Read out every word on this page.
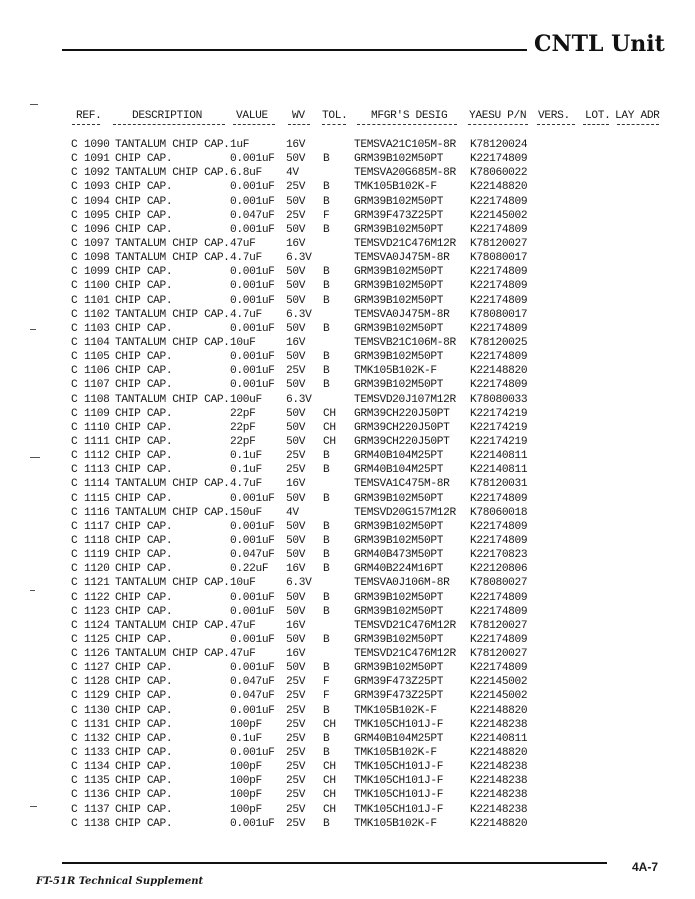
CNTL Unit
REF.	DESCRIPTION	VALUE WV TOL. MFGR'S DESIG YAESU P/N VERS. LOT. LAY ADR
C 1090 TANTALUM CHIP CAP. 1uF	16V	TEMSVA21C105M-8R K78120024
C 1091 CHIP CAP.	0.001uF 50V B GRM39B102M50PT K22174809
C 1092 TANTALUM CHIP CAP. 6.8uF 4V	TEMSVA20G685M-8R K78060022
C 1093 CHIP CAP.	0.001uF 25V B TMK105B102K-F	K22148820
C 1094 CHIP CAP.	0.001uF 50V B GRM39B102M50PT K22174809
C 1095 CHIP CAP.	0.047uF 25V F GRM39F473Z25PT K22145002
C 1096 CHIP CAP.	0.001uF 50V B GRM39B102M50PT K22174809
C 1097 TANTALUM CHIP CAP. 47uF	16V	TEMSVD21C476M12R K78120027
C 1098 TANTALUM CHIP CAP. 4.7uF 6.3V	TEMSVA0J475M-8R K78080017
C 1099 CHIP CAP.	0.001uF 50V B GRM39B102M50PT K22174809
C 1100 CHIP CAP.	0.001uF 50V B GRM39B102M50PT K22174809
C 1101 CHIP CAP.	0.001uF 50V B GRM39B102M50PT K22174809
C 1102 TANTALUM CHIP CAP. 4.7uF 6.3V	TEMSVA0J475M-8R K78080017
C 1103 CHIP CAP.	0.001uF 50V B GRM39B102M50PT K22174809
C 1104 TANTALUM CHIP CAP. 10uF	16V	TEMSVB21C106M-8R K78120025
C 1105 CHIP CAP.	0.001uF 50V B GRM39B102M50PT K22174809
C 1106 CHIP CAP.	0.001uF 25V B TMK105B102K-F	K22148820
C 1107 CHIP CAP.	0.001uF 50V B GRM39B102M50PT K22174809
C 1108 TANTALUM CHIP CAP. 100uF 6.3V	TEMSVD20J107M12R K78080033
C 1109 CHIP CAP.	22pF	50V CH GRM39CH220J50PT K22174219
C 1110 CHIP CAP.	22pF	50V CH GRM39CH220J50PT K22174219
C 1111 CHIP CAP.	22pF	50V CH GRM39CH220J50PT K22174219
C 1112 CHIP CAP.	0.1uF 25V B GRM40B104M25PT K22140811
C 1113 CHIP CAP.	0.1uF 25V B GRM40B104M25PT K22140811
C 1114 TANTALUM CHIP CAP. 4.7uF 16V	TEMSVA1C475M-8R K78120031
C 1115 CHIP CAP.	0.001uF 50V B GRM39B102M50PT K22174809
C 1116 TANTALUM CHIP CAP. 150uF 4V	TEMSVD20G157M12R K78060018
C 1117 CHIP CAP.	0.001uF 50V B GRM39B102M50PT K22174809
C 1118 CHIP CAP.	0.001uF 50V B GRM39B102M50PT K22174809
C 1119 CHIP CAP.	0.047uF 50V B GRM40B473M50PT K22170823
C 1120 CHIP CAP.	0.22uF 16V B GRM40B224M16PT K22120806
C 1121 TANTALUM CHIP CAP. 10uF	6.3V	TEMSVA0J106M-8R K78080027
C 1122 CHIP CAP.	0.001uF 50V B GRM39B102M50PT K22174809
C 1123 CHIP CAP.	0.001uF 50V B GRM39B102M50PT K22174809
C 1124 TANTALUM CHIP CAP. 47uF	16V	TEMSVD21C476M12R K78120027
C 1125 CHIP CAP.	0.001uF 50V B GRM39B102M50PT K22174809
C 1126 TANTALUM CHIP CAP. 47uF	16V	TEMSVD21C476M12R K78120027
C 1127 CHIP CAP.	0.001uF 50V B GRM39B102M50PT K22174809
C 1128 CHIP CAP.	0.047uF 25V F GRM39F473Z25PT K22145002
C 1129 CHIP CAP.	0.047uF 25V F GRM39F473Z25PT K22145002
C 1130 CHIP CAP.	0.001uF 25V B TMK105B102K-F	K22148820
C 1131 CHIP CAP.	100pF 25V CH TMK105CH101J-F K22148238
C 1132 CHIP CAP.	0.1uF 25V B GRM40B104M25PT K22140811
C 1133 CHIP CAP.	0.001uF 25V B TMK105B102K-F	K22148820
C 1134 CHIP CAP.	100pF 25V CH TMK105CH101J-F K22148238
C 1135 CHIP CAP.	100pF 25V CH TMK105CH101J-F K22148238
C 1136 CHIP CAP.	100pF 25V CH TMK105CH101J-F K22148238
C 1137 CHIP CAP.	100pF 25V CH TMK105CH101J-F K22148238
C 1138 CHIP CAP.	0.001uF 25V B TMK105B102K-F	K22148820
4A-7
FT-51R Technical Supplement
